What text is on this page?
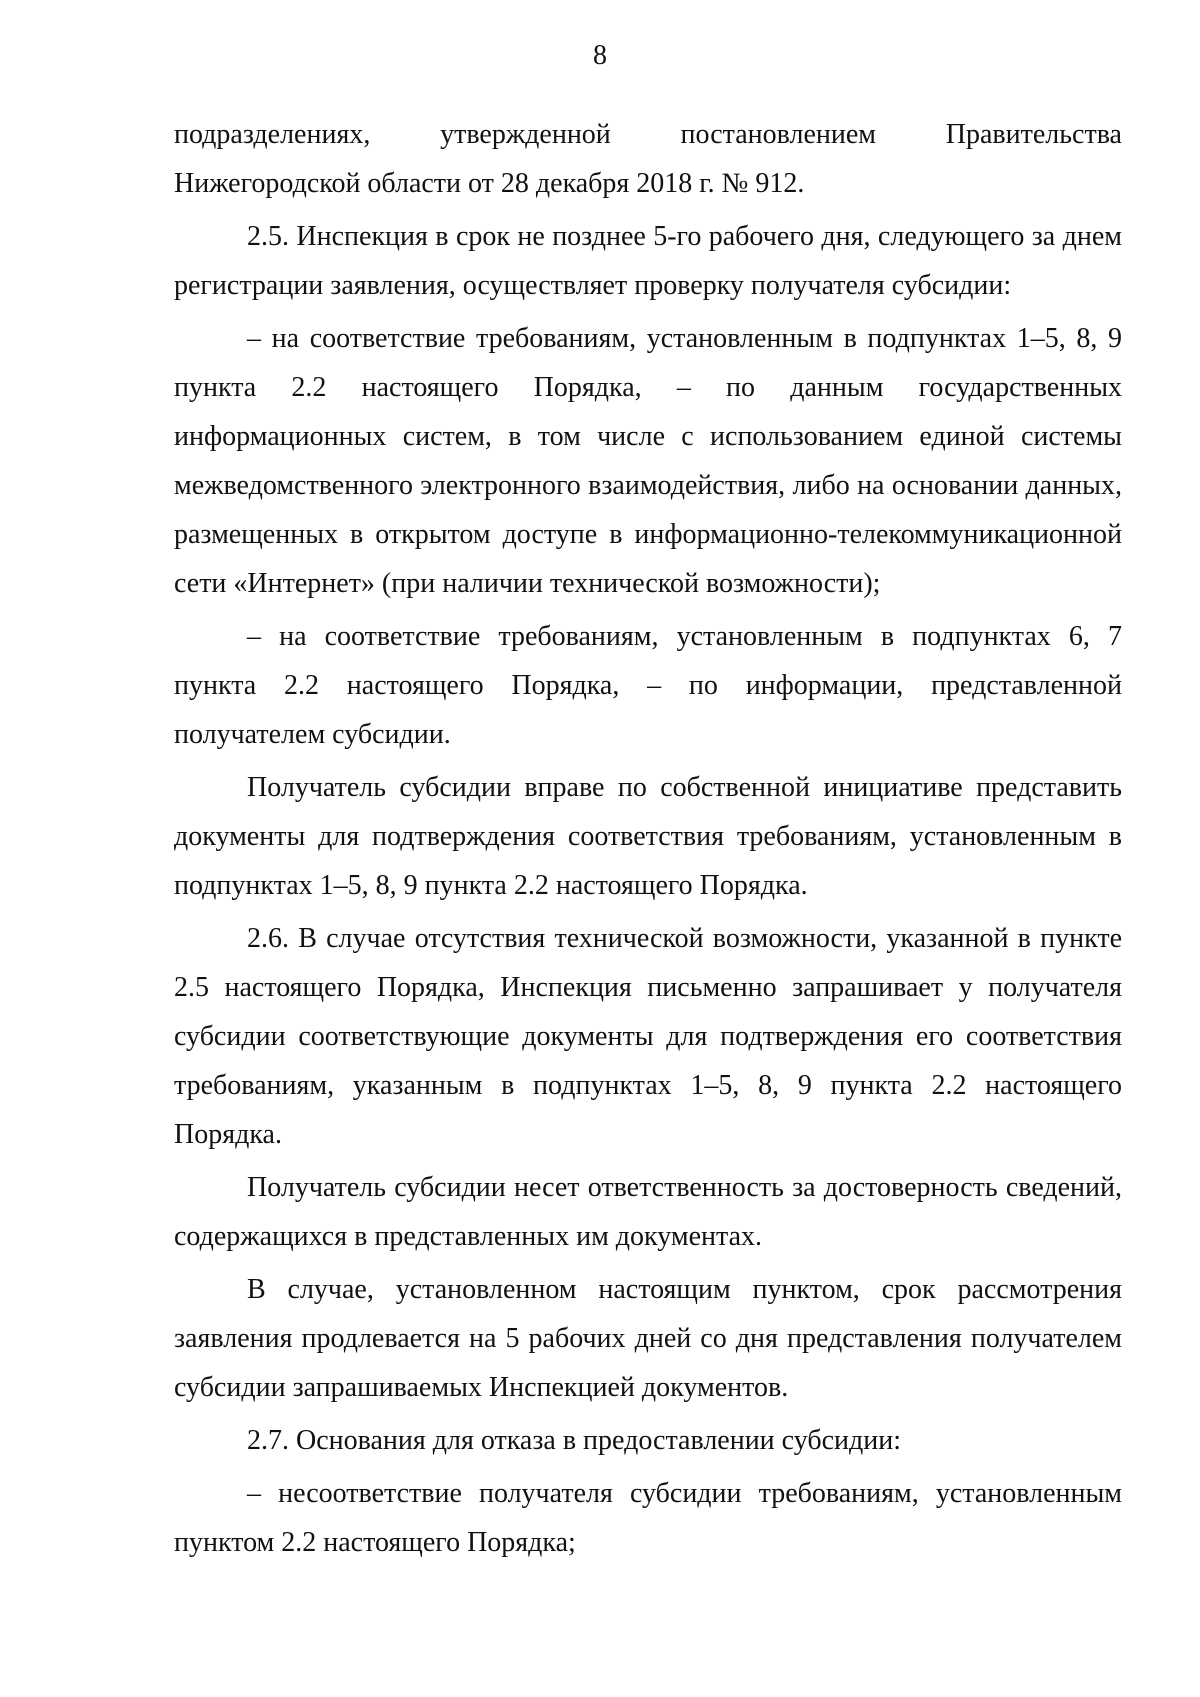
8

подразделениях, утвержденной постановлением Правительства Нижегородской области от 28 декабря 2018 г. № 912.

2.5. Инспекция в срок не позднее 5-го рабочего дня, следующего за днем регистрации заявления, осуществляет проверку получателя субсидии:

– на соответствие требованиям, установленным в подпунктах 1–5, 8, 9 пункта 2.2 настоящего Порядка, – по данным государственных информационных систем, в том числе с использованием единой системы межведомственного электронного взаимодействия, либо на основании данных, размещенных в открытом доступе в информационно-телекоммуникационной сети «Интернет» (при наличии технической возможности);

– на соответствие требованиям, установленным в подпунктах 6, 7 пункта 2.2 настоящего Порядка, – по информации, представленной получателем субсидии.

Получатель субсидии вправе по собственной инициативе представить документы для подтверждения соответствия требованиям, установленным в подпунктах 1–5, 8, 9 пункта 2.2 настоящего Порядка.

2.6. В случае отсутствия технической возможности, указанной в пункте 2.5 настоящего Порядка, Инспекция письменно запрашивает у получателя субсидии соответствующие документы для подтверждения его соответствия требованиям, указанным в подпунктах 1–5, 8, 9 пункта 2.2 настоящего Порядка.

Получатель субсидии несет ответственность за достоверность сведений, содержащихся в представленных им документах.

В случае, установленном настоящим пунктом, срок рассмотрения заявления продлевается на 5 рабочих дней со дня представления получателем субсидии запрашиваемых Инспекцией документов.

2.7. Основания для отказа в предоставлении субсидии:

– несоответствие получателя субсидии требованиям, установленным пунктом 2.2 настоящего Порядка;
